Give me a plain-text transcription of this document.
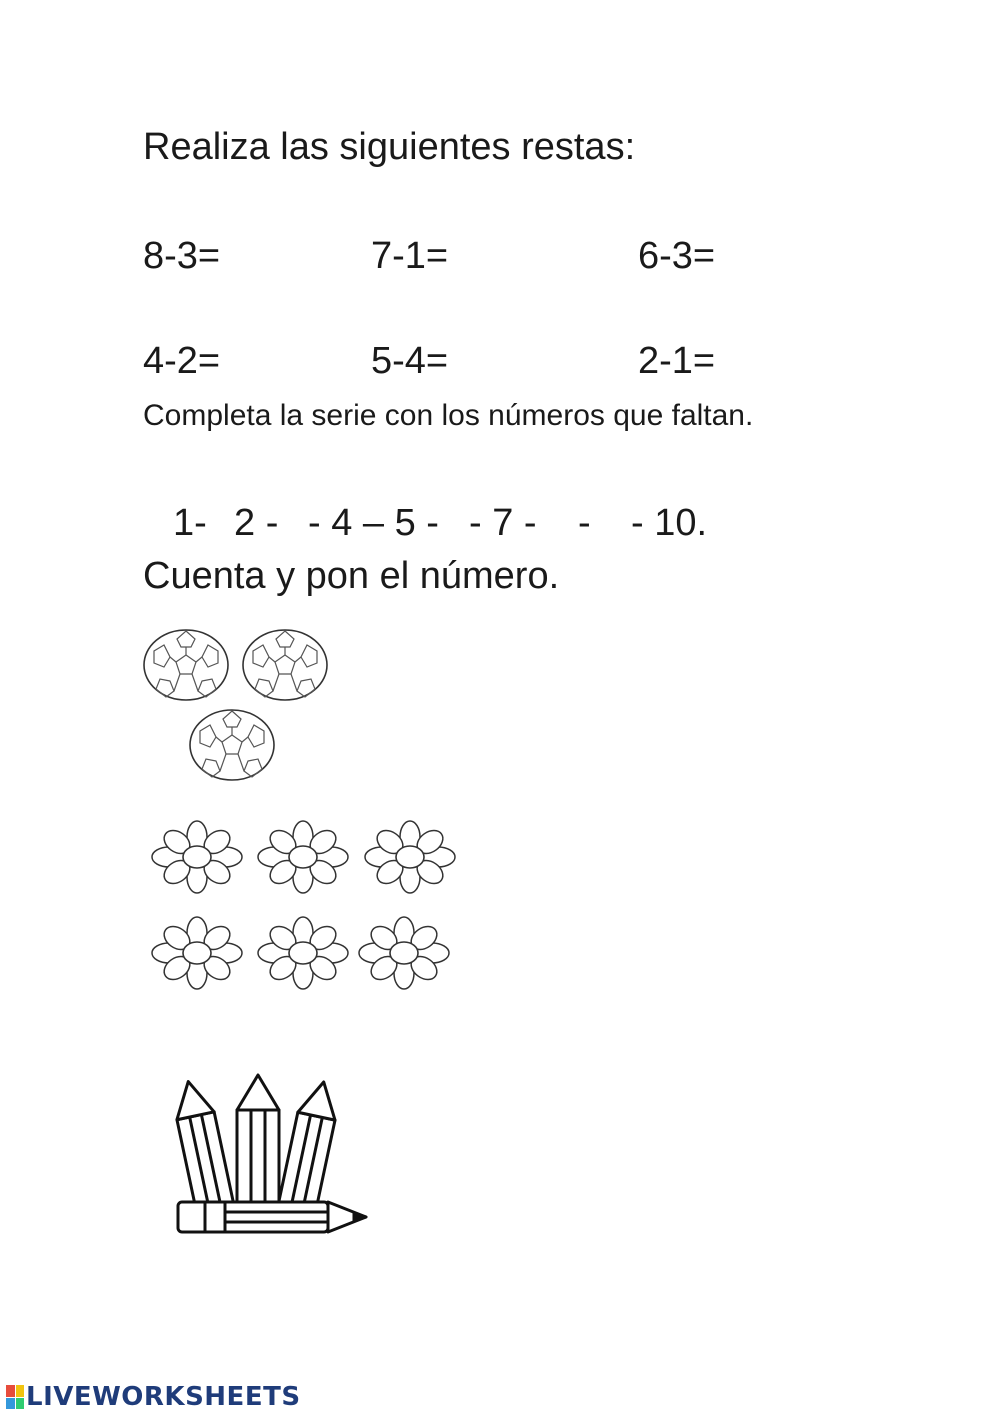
Realiza las siguientes restas:
8-3=	7-1=	6-3=
4-2=	5-4=	2-1=
Completa la serie con los números que faltan.
1- 2 - - 4 – 5 - - 7 - - - 10.
Cuenta y pon el número.
LIVEWORKSHEETS
